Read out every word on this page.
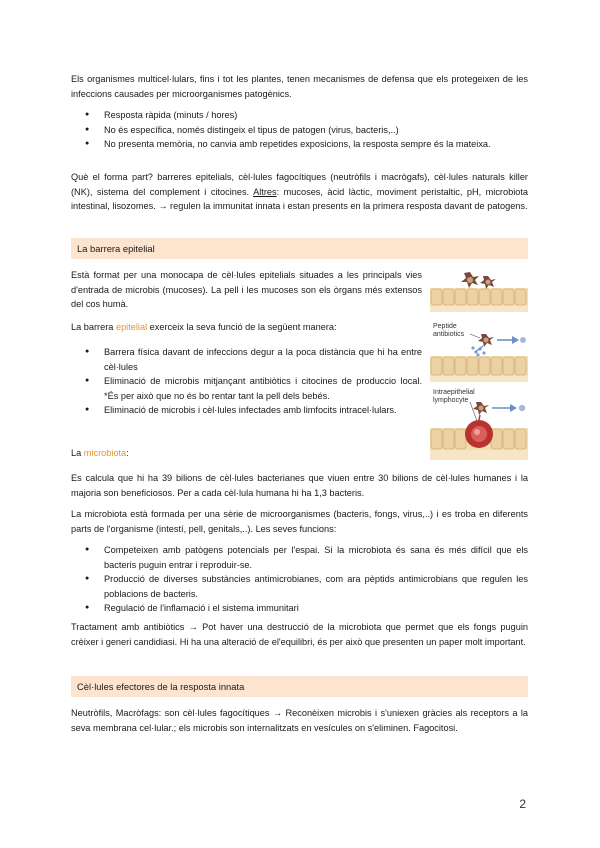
Els organismes multicel·lulars, fins i tot les plantes, tenen mecanismes de defensa que els protegeixen de les infeccions causades per microorganismes patogènics.

● Resposta ràpida (minuts / hores)
● No és específica, només distingeix el tipus de patogen (virus, bacteris,..)
● No presenta memòria, no canvia amb repetides exposicions, la resposta sempre és la mateixa.

Què el forma part? barreres epitelials, cèl·lules fagocítiques (neutròfils i macrògafs), cèl·lules naturals killer (NK), sistema del complement i citocines. Altres: mucoses, àcid làctic, moviment peristaltic, pH, microbiota intestinal, lisozomes. → regulen la immunitat innata i estan presents en la primera resposta davant de patogens.

La barrera epitelial

Està format per una monocapa de cèl·lules epitelials situades a les principals vies d'entrada de microbis (mucoses). La pell i les mucoses son els òrgans més extensos del cos humà.

La barrera epitelial exerceix la seva funció de la següent manera:

● Barrera física davant de infeccions degur a la poca distància que hi ha entre cèl·lules
● Eliminació de microbis mitjançant antibiòtics i citocines de produccio local. *És per això que no és bo rentar tant la pell dels bebés.
● Eliminació de microbis i cèl·lules infectades amb limfocits intracel·lulars.
Peptide
antibiotics
Intraepithelial
lymphocyte

La microbiota:

Es calcula que hi ha 39 bilions de cèl·lules bacterianes que viuen entre 30 bilions de cèl·lules humanes i la majoria son beneficiosos. Per a cada cèl·lula humana hi ha 1,3 bacteris.

La microbiota està formada per una sèrie de microorganismes (bacteris, fongs, virus,..) i es troba en diferents parts de l'organisme (intestí, pell, genitals,..). Les seves funcions:

● Competeixen amb patògens potencials per l'espai. Si la microbiota és sana és més difícil que els bacteris puguin entrar i reproduir-se.
● Producció de diverses substàncies antimicrobianes, com ara pèptids antimicrobians que regulen les poblacions de bacteris.
● Regulació de l'inflamació i el sistema immunitari

Tractament amb antibiòtics → Pot haver una destrucció de la microbiota que permet que els fongs puguin crèixer i generi candidiasi. Hi ha una alteració de el'equilibri, és per això que presenten un paper molt important.

Cèl·lules efectores de la resposta innata

Neutròfils, Macròfags: son cèl·lules fagocítiques → Reconèixen microbis i s'uniexen gràcies als receptors a la seva membrana cel·lular.; els microbis son internalitzats en vesícules on s'eliminen. Fagocitosi.

2
